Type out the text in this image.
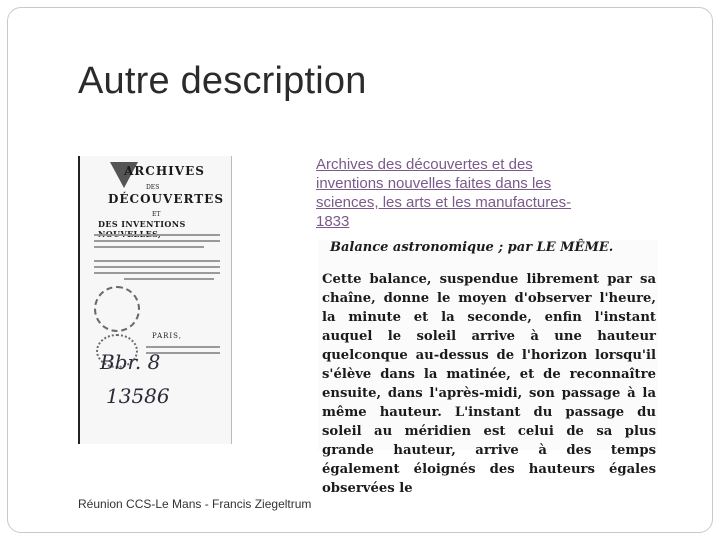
Autre description
ARCHIVES
DES
DÉCOUVERTES
ET
DES INVENTIONS
PARIS,
Bbr. 8
13586
Balance astronomique ; par LE MÊME.
Cette balance, suspendue librement par sa chaîne, donne le moyen d'observer l'heure, la minute et la seconde, enfin l'instant auquel le soleil arrive à une hauteur quelconque au-dessus de l'horizon lorsqu'il s'élève dans la matinée, et de reconnaître ensuite, dans l'après-midi, son passage à la même hauteur. L'instant du passage du soleil au méridien est celui de sa plus grande hauteur, arrive à des temps également éloignés des hauteurs égales observées le
Archives des découvertes et des inventions nouvelles faites dans les sciences, les arts et les manufactures-1833
Réunion CCS-Le Mans - Francis Ziegeltrum
